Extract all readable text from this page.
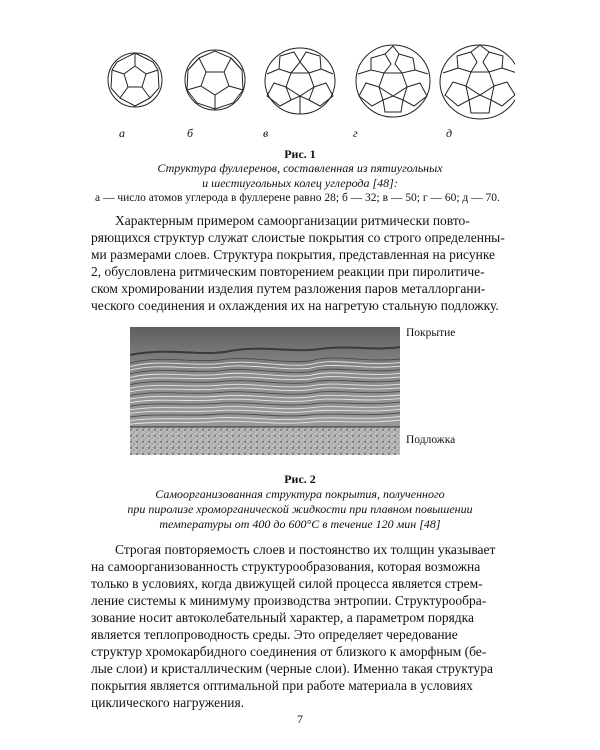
а	б	в	г	д
Рис. 1
Структура фуллеренов, составленная из пятиугольных
и шестиугольных колец углерода [48]:
а — число атомов углерода в фуллерене равно 28; б — 32; в — 50; г — 60; д — 70.
Характерным примером самоорганизации ритмически повто-
ряющихся структур служат слоистые покрытия со строго определенны-
ми размерами слоев. Структура покрытия, представленная на рисунке
2, обусловлена ритмическим повторением реакции при пиролитиче-
ском хромировании изделия путем разложения паров металлоргани-
ческого соединения и охлаждения их на нагретую стальную подложку.
Покрытие
Подложка
Рис. 2
Самоорганизованная структура покрытия, полученного
при пиролизе хроморганической жидкости при плавном повышении
температуры от 400 до 600°С в течение 120 мин [48]
Строгая повторяемость слоев и постоянство их толщин указывает
на самоорганизованность структурообразования, которая возможна
только в условиях, когда движущей силой процесса является стрем-
ление системы к минимуму производства энтропии. Структурообра-
зование носит автоколебательный характер, а параметром порядка
является теплопроводность среды. Это определяет чередование
структур хромокарбидного соединения от близкого к аморфным (бе-
лые слои) и кристаллическим (черные слои). Именно такая структура
покрытия является оптимальной при работе материала в условиях
циклического нагружения.
7
